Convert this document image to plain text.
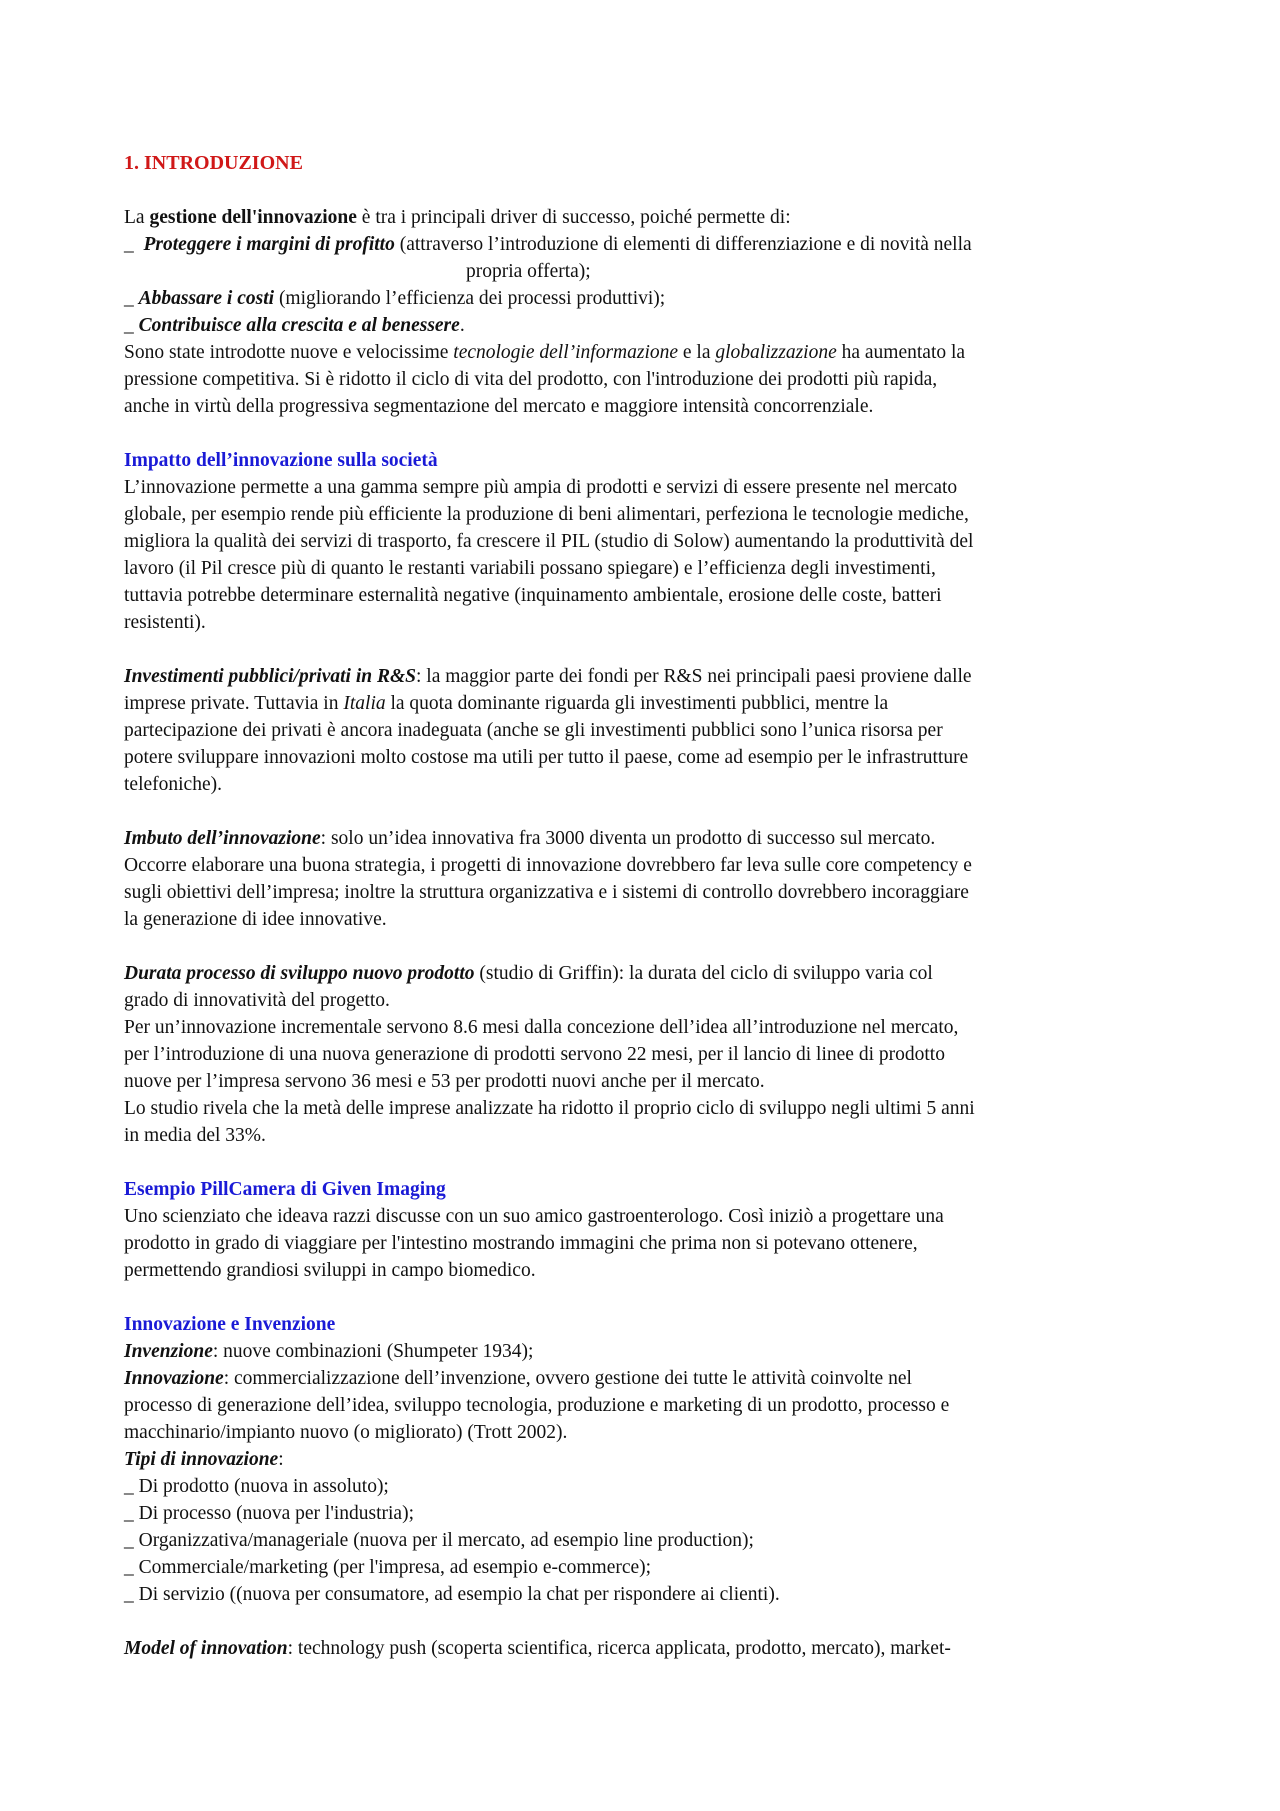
1. INTRODUZIONE
La gestione dell'innovazione è tra i principali driver di successo, poiché permette di:
_  Proteggere i margini di profitto (attraverso l’introduzione di elementi di differenziazione e di novità nella
propria offerta);
_ Abbassare i costi (migliorando l’efficienza dei processi produttivi);
_ Contribuisce alla crescita e al benessere.
Sono state introdotte nuove e velocissime tecnologie dell’informazione e la globalizzazione ha aumentato la
pressione competitiva. Si è ridotto il ciclo di vita del prodotto, con l'introduzione dei prodotti più rapida,
anche in virtù della progressiva segmentazione del mercato e maggiore intensità concorrenziale.
Impatto dell’innovazione sulla società
L’innovazione permette a una gamma sempre più ampia di prodotti e servizi di essere presente nel mercato
globale, per esempio rende più efficiente la produzione di beni alimentari, perfeziona le tecnologie mediche,
migliora la qualità dei servizi di trasporto, fa crescere il PIL (studio di Solow) aumentando la produttività del
lavoro (il Pil cresce più di quanto le restanti variabili possano spiegare) e l’efficienza degli investimenti,
tuttavia potrebbe determinare esternalità negative (inquinamento ambientale, erosione delle coste, batteri
resistenti).
Investimenti pubblici/privati in R&S: la maggior parte dei fondi per R&S nei principali paesi proviene dalle
imprese private. Tuttavia in Italia la quota dominante riguarda gli investimenti pubblici, mentre la
partecipazione dei privati è ancora inadeguata (anche se gli investimenti pubblici sono l’unica risorsa per
potere sviluppare innovazioni molto costose ma utili per tutto il paese, come ad esempio per le infrastrutture
telefoniche).
Imbuto dell’innovazione: solo un’idea innovativa fra 3000 diventa un prodotto di successo sul mercato.
Occorre elaborare una buona strategia, i progetti di innovazione dovrebbero far leva sulle core competency e
sugli obiettivi dell’impresa; inoltre la struttura organizzativa e i sistemi di controllo dovrebbero incoraggiare
la generazione di idee innovative.
Durata processo di sviluppo nuovo prodotto (studio di Griffin): la durata del ciclo di sviluppo varia col
grado di innovatività del progetto.
Per un’innovazione incrementale servono 8.6 mesi dalla concezione dell’idea all’introduzione nel mercato,
per l’introduzione di una nuova generazione di prodotti servono 22 mesi, per il lancio di linee di prodotto
nuove per l’impresa servono 36 mesi e 53 per prodotti nuovi anche per il mercato.
Lo studio rivela che la metà delle imprese analizzate ha ridotto il proprio ciclo di sviluppo negli ultimi 5 anni
in media del 33%.
Esempio PillCamera di Given Imaging
Uno scienziato che ideava razzi discusse con un suo amico gastroenterologo. Così iniziò a progettare una
prodotto in grado di viaggiare per l'intestino mostrando immagini che prima non si potevano ottenere,
permettendo grandiosi sviluppi in campo biomedico.
Innovazione e Invenzione
Invenzione: nuove combinazioni (Shumpeter 1934);
Innovazione: commercializzazione dell’invenzione, ovvero gestione dei tutte le attività coinvolte nel
processo di generazione dell’idea, sviluppo tecnologia, produzione e marketing di un prodotto, processo e
macchinario/impianto nuovo (o migliorato) (Trott 2002).
Tipi di innovazione:
_ Di prodotto (nuova in assoluto);
_ Di processo (nuova per l'industria);
_ Organizzativa/manageriale (nuova per il mercato, ad esempio line production);
_ Commerciale/marketing (per l'impresa, ad esempio e-commerce);
_ Di servizio ((nuova per consumatore, ad esempio la chat per rispondere ai clienti).
Model of innovation: technology push (scoperta scientifica, ricerca applicata, prodotto, mercato), market-
